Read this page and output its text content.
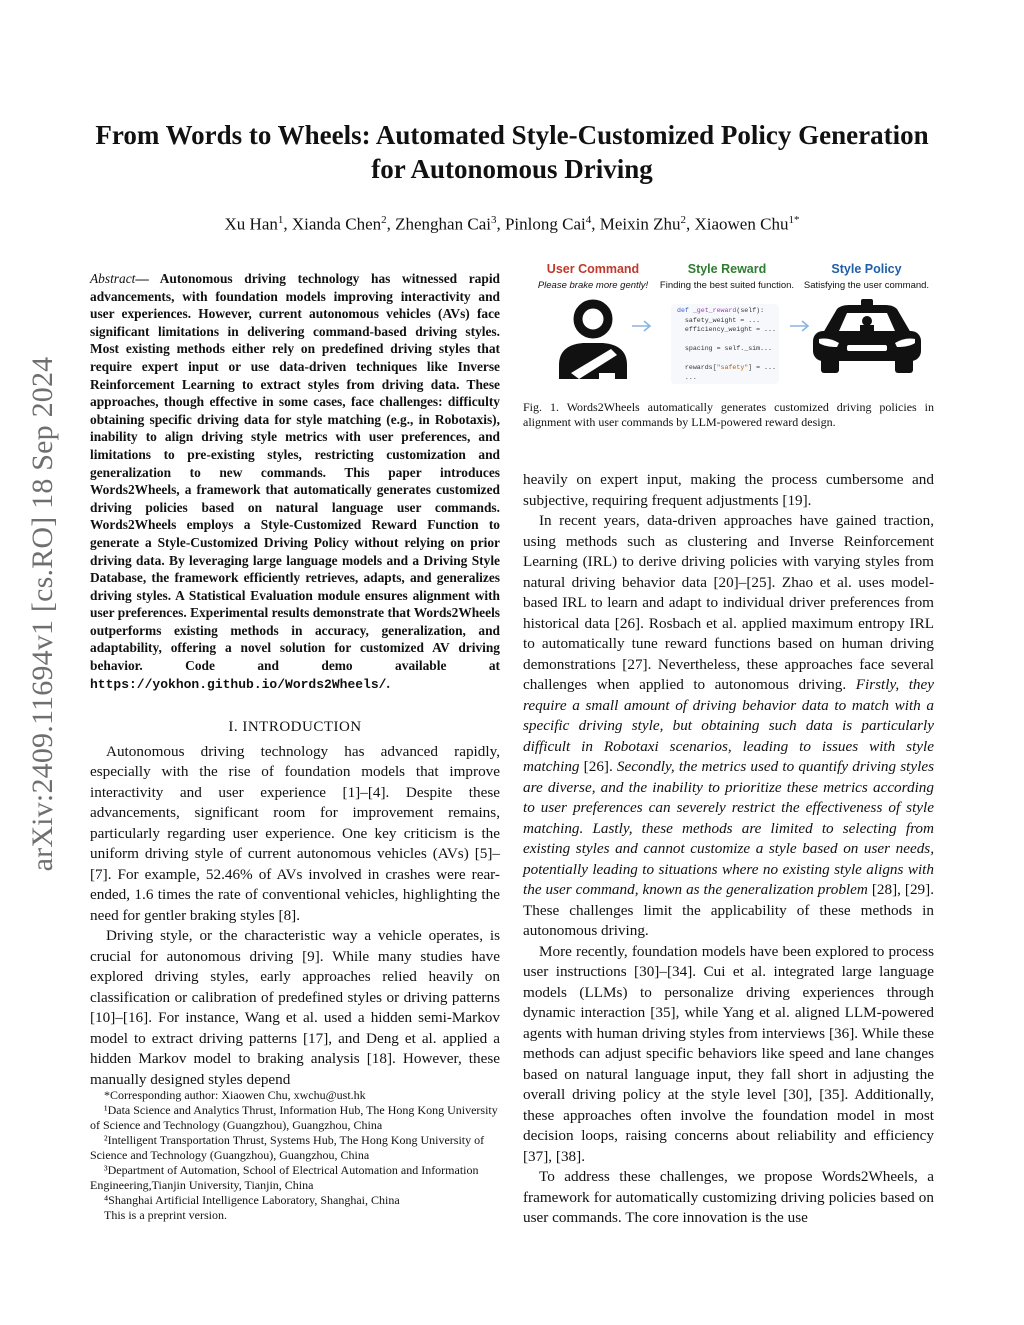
arXiv:2409.11694v1 [cs.RO] 18 Sep 2024
From Words to Wheels: Automated Style-Customized Policy Generation
for Autonomous Driving
Xu Han$^1$, Xianda Chen$^2$, Zhenghan Cai$^3$, Pinlong Cai$^4$, Meixin Zhu$^2$, Xiaowen Chu$^{1*}$
Abstract— Autonomous driving technology has witnessed rapid advancements, with foundation models improving interactivity and user experiences. However, current autonomous vehicles (AVs) face significant limitations in delivering command-based driving styles. Most existing methods either rely on predefined driving styles that require expert input or use data-driven techniques like Inverse Reinforcement Learning to extract styles from driving data. These approaches, though effective in some cases, face challenges: difficulty obtaining specific driving data for style matching (e.g., in Robotaxis), inability to align driving style metrics with user preferences, and limitations to pre-existing styles, restricting customization and generalization to new commands. This paper introduces Words2Wheels, a framework that automatically generates customized driving policies based on natural language user commands. Words2Wheels employs a Style-Customized Reward Function to generate a Style-Customized Driving Policy without relying on prior driving data. By leveraging large language models and a Driving Style Database, the framework efficiently retrieves, adapts, and generalizes driving styles. A Statistical Evaluation module ensures alignment with user preferences. Experimental results demonstrate that Words2Wheels outperforms existing methods in accuracy, generalization, and adaptability, offering a novel solution for customized AV driving behavior. Code and demo available at https://yokhon.github.io/Words2Wheels/.
I. INTRODUCTION

Autonomous driving technology has advanced rapidly, especially with the rise of foundation models that improve interactivity and user experience [1]–[4]. Despite these advancements, significant room for improvement remains, particularly regarding user experience. One key criticism is the uniform driving style of current autonomous vehicles (AVs) [5]–[7]. For example, 52.46% of AVs involved in crashes were rear-ended, 1.6 times the rate of conventional vehicles, highlighting the need for gentler braking styles [8].

Driving style, or the characteristic way a vehicle operates, is crucial for autonomous driving [9]. While many studies have explored driving styles, early approaches relied heavily on classification or calibration of predefined styles or driving patterns [10]–[16]. For instance, Wang et al. used a hidden semi-Markov model to extract driving patterns [17], and Deng et al. applied a hidden Markov model to braking analysis [18]. However, these manually designed styles depend

*Corresponding author: Xiaowen Chu, xwchu@ust.hk

¹Data Science and Analytics Thrust, Information Hub, The Hong Kong University of Science and Technology (Guangzhou), Guangzhou, China

²Intelligent Transportation Thrust, Systems Hub, The Hong Kong University of Science and Technology (Guangzhou), Guangzhou, China

³Department of Automation, School of Electrical Automation and Information Engineering,Tianjin University, Tianjin, China

⁴Shanghai Artificial Intelligence Laboratory, Shanghai, China

This is a preprint version.

User Command
Please brake more gently!
Style Reward
Finding the best suited function.
def _get_reward(self):
safety_weight = ...
efficiency_weight = ...

spacing = self._sim...

rewards["safety"] = ...
...
Style Policy
Satisfying the user command.
Fig. 1. Words2Wheels automatically generates customized driving policies in alignment with user commands by LLM-powered reward design.

heavily on expert input, making the process cumbersome and subjective, requiring frequent adjustments [19].

In recent years, data-driven approaches have gained traction, using methods such as clustering and Inverse Reinforcement Learning (IRL) to derive driving policies with varying styles from natural driving behavior data [20]–[25]. Zhao et al. uses model-based IRL to learn and adapt to individual driver preferences from historical data [26]. Rosbach et al. applied maximum entropy IRL to automatically tune reward functions based on human driving demonstrations [27]. Nevertheless, these approaches face several challenges when applied to autonomous driving. Firstly, they require a small amount of driving behavior data to match with a specific driving style, but obtaining such data is particularly difficult in Robotaxi scenarios, leading to issues with style matching [26]. Secondly, the metrics used to quantify driving styles are diverse, and the inability to prioritize these metrics according to user preferences can severely restrict the effectiveness of style matching. Lastly, these methods are limited to selecting from existing styles and cannot customize a style based on user needs, potentially leading to situations where no existing style aligns with the user command, known as the generalization problem [28], [29]. These challenges limit the applicability of these methods in autonomous driving.

More recently, foundation models have been explored to process user instructions [30]–[34]. Cui et al. integrated large language models (LLMs) to personalize driving experiences through dynamic interaction [35], while Yang et al. aligned LLM-powered agents with human driving styles from interviews [36]. While these methods can adjust specific behaviors like speed and lane changes based on natural language input, they fall short in adjusting the overall driving policy at the style level [30], [35]. Additionally, these approaches often involve the foundation model in most decision loops, raising concerns about reliability and efficiency [37], [38].

To address these challenges, we propose Words2Wheels, a framework for automatically customizing driving policies based on user commands. The core innovation is the use
